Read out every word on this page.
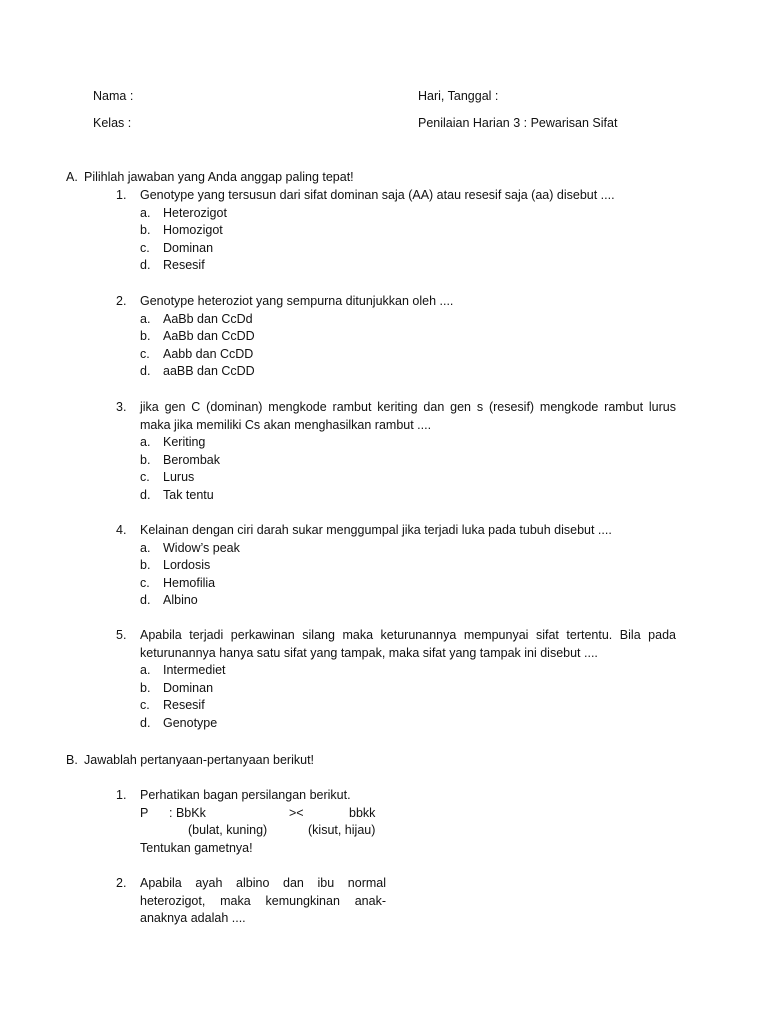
Nama :	Hari, Tanggal :
Kelas :	Penilaian Harian 3 : Pewarisan Sifat
A. Pilihlah jawaban yang Anda anggap paling tepat!
1.	Genotype yang tersusun dari sifat dominan saja (AA) atau resesif saja (aa) disebut ....
a. Heterozigot
b. Homozigot
c. Dominan
d. Resesif
2.	Genotype heteroziot yang sempurna ditunjukkan oleh ....
a. AaBb dan CcDd
b. AaBb dan CcDD
c. Aabb dan CcDD
d. aaBB dan CcDD
3.	jika gen C (dominan) mengkode rambut keriting dan gen s (resesif) mengkode rambut lurus maka jika memiliki Cs akan menghasilkan rambut ....
a. Keriting
b. Berombak
c. Lurus
d. Tak tentu
4.	Kelainan dengan ciri darah sukar menggumpal jika terjadi luka pada tubuh disebut ....
a. Widow’s peak
b. Lordosis
c. Hemofilia
d. Albino
5.	Apabila terjadi perkawinan silang maka keturunannya mempunyai sifat tertentu. Bila pada keturunannya hanya satu sifat yang tampak, maka sifat yang tampak ini disebut ....
a. Intermediet
b. Dominan
c. Resesif
d. Genotype
B. Jawablah pertanyaan-pertanyaan berikut!
1.	Perhatikan bagan persilangan berikut.
P : BbKk	><	bbkk
(bulat, kuning)	(kisut, hijau)
Tentukan gametnya!
2.	Apabila ayah albino dan ibu normal heterozigot, maka kemungkinan anak-anaknya adalah ....
